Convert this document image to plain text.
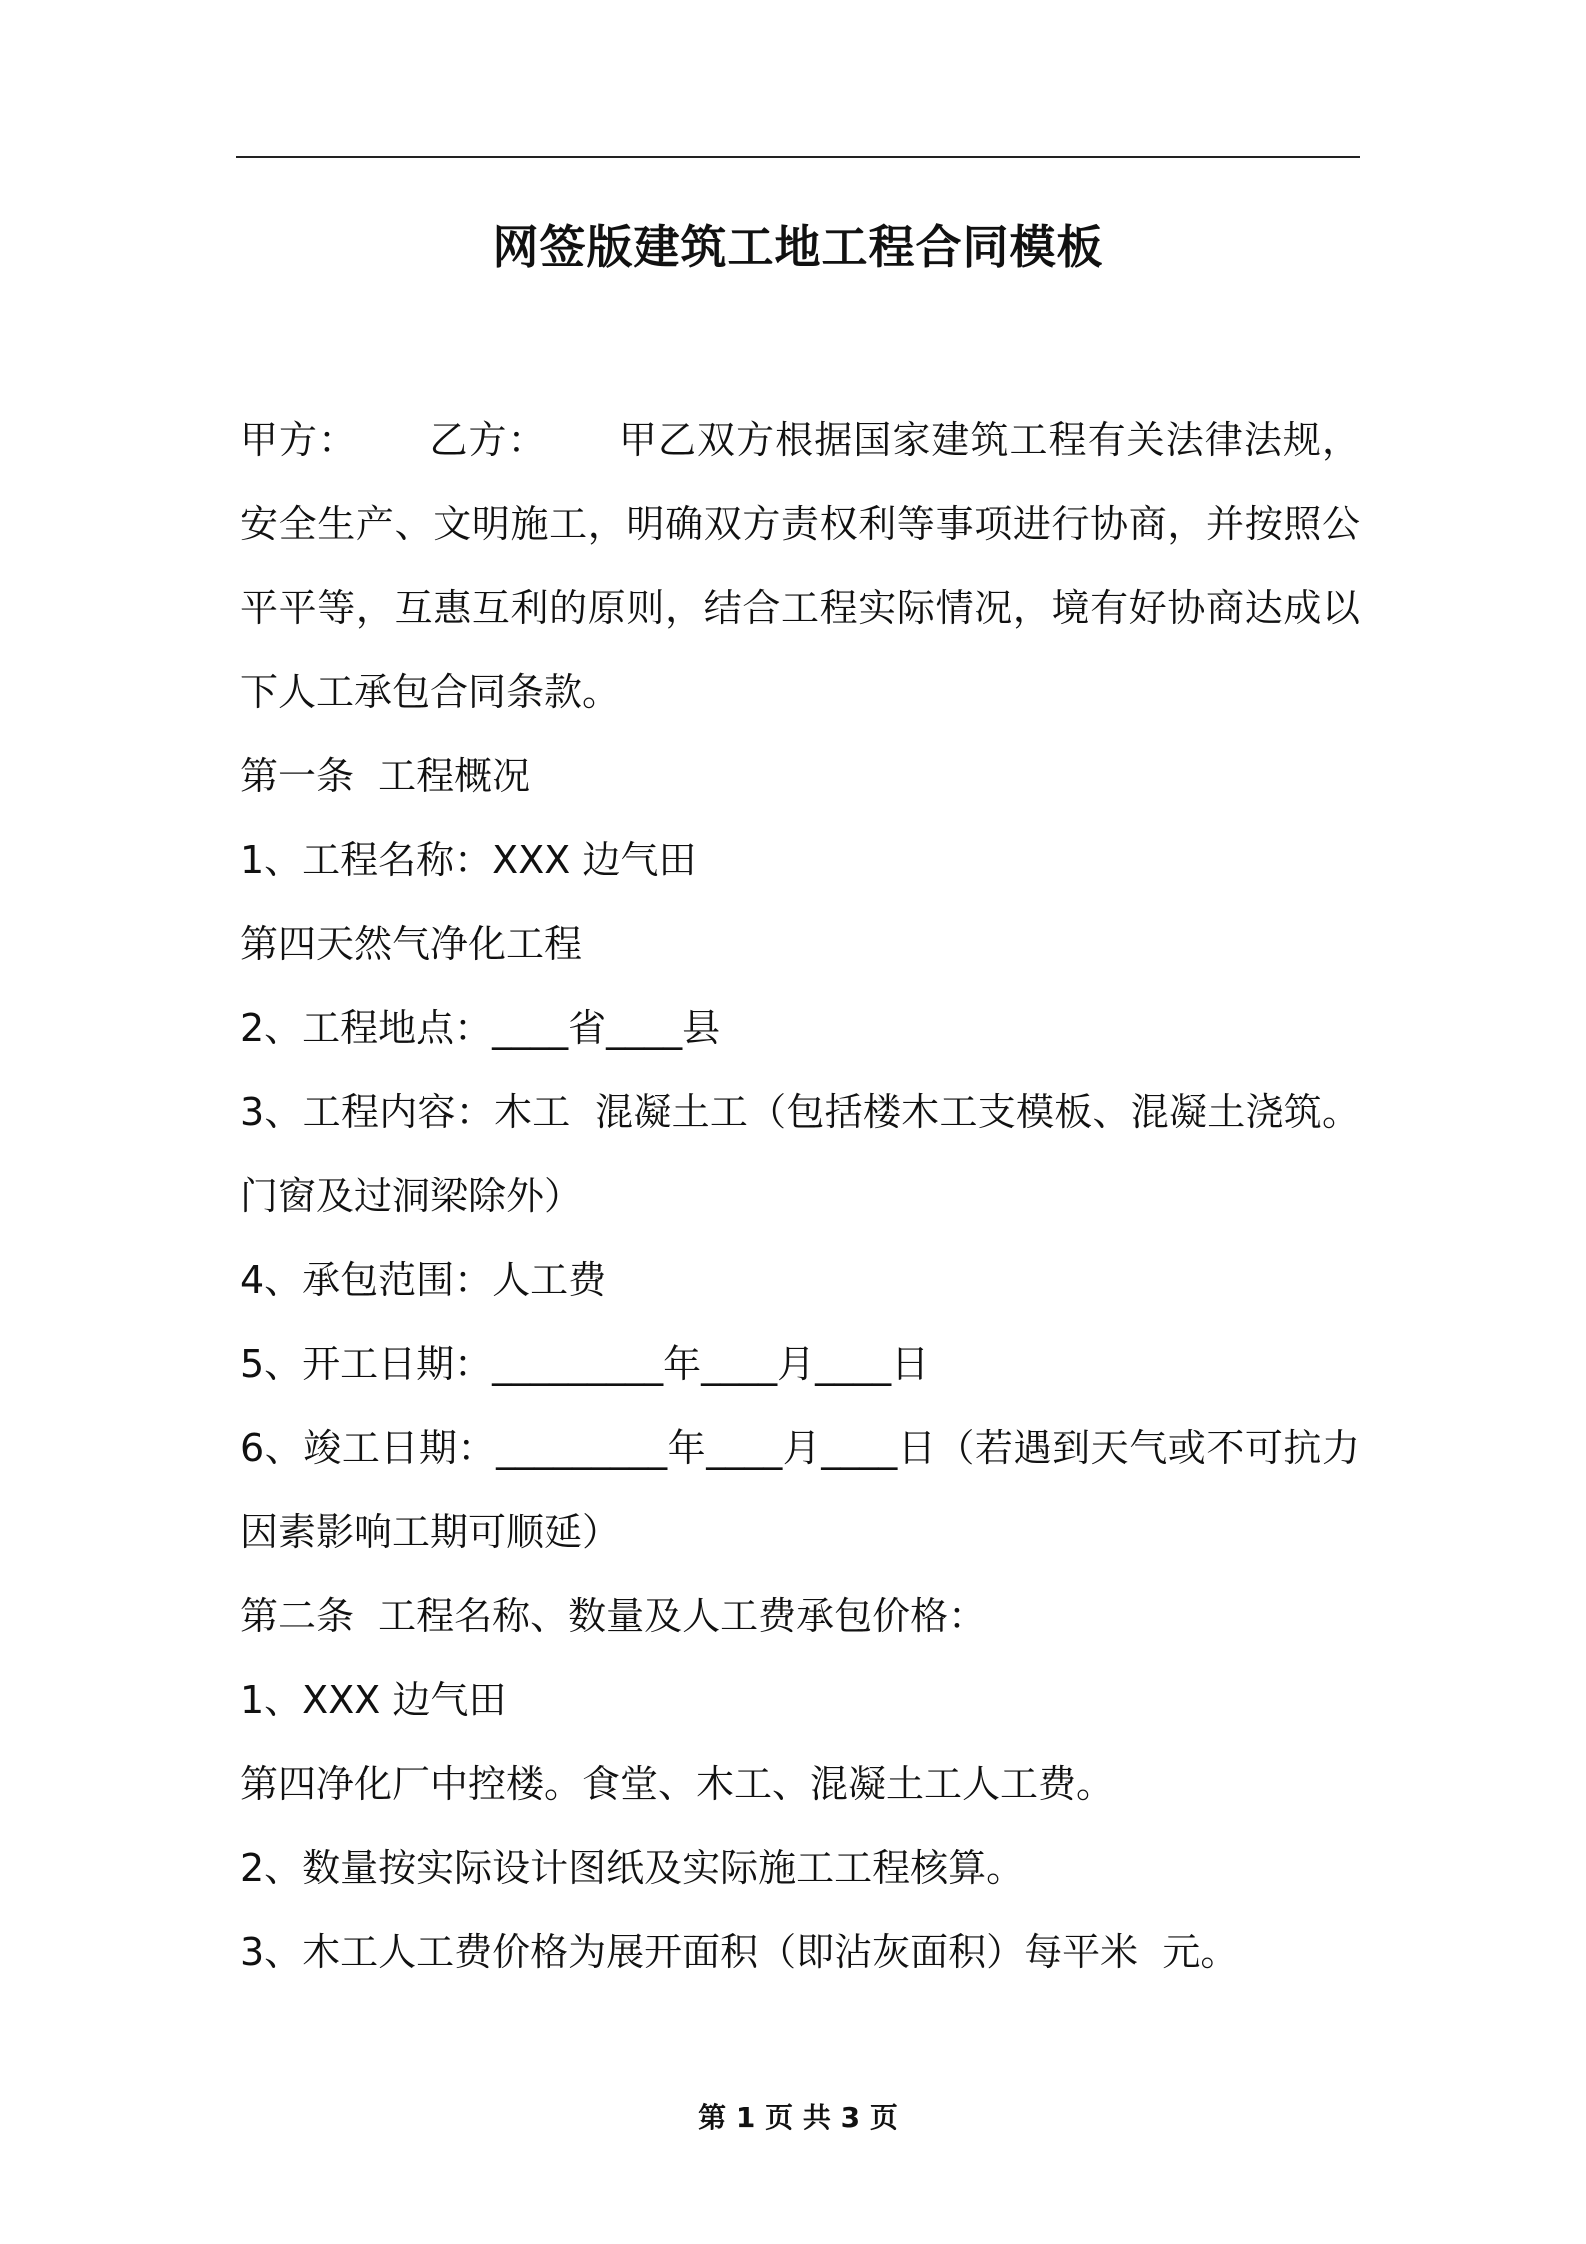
网签版建筑工地工程合同模板

甲方：　　 乙方：　　 甲乙双方根据国家建筑工程有关法律法规，安全生产、文明施工，明确双方责权利等事项进行协商，并按照公平平等，互惠互利的原则，结合工程实际情况，境有好协商达成以下人工承包合同条款。

第一条  工程概况

1、工程名称：XXX 边气田

第四天然气净化工程

2、工程地点：____省____县

3、工程内容：木工  混凝土工（包括楼木工支模板、混凝土浇筑。门窗及过洞梁除外）

4、承包范围：人工费

5、开工日期：_________年____月____日

6、竣工日期：_________年____月____日（若遇到天气或不可抗力因素影响工期可顺延）

第二条  工程名称、数量及人工费承包价格：

1、XXX 边气田

第四净化厂中控楼。食堂、木工、混凝土工人工费。

2、数量按实际设计图纸及实际施工工程核算。

3、木工人工费价格为展开面积（即沾灰面积）每平米  元。

第 1 页 共 3 页
